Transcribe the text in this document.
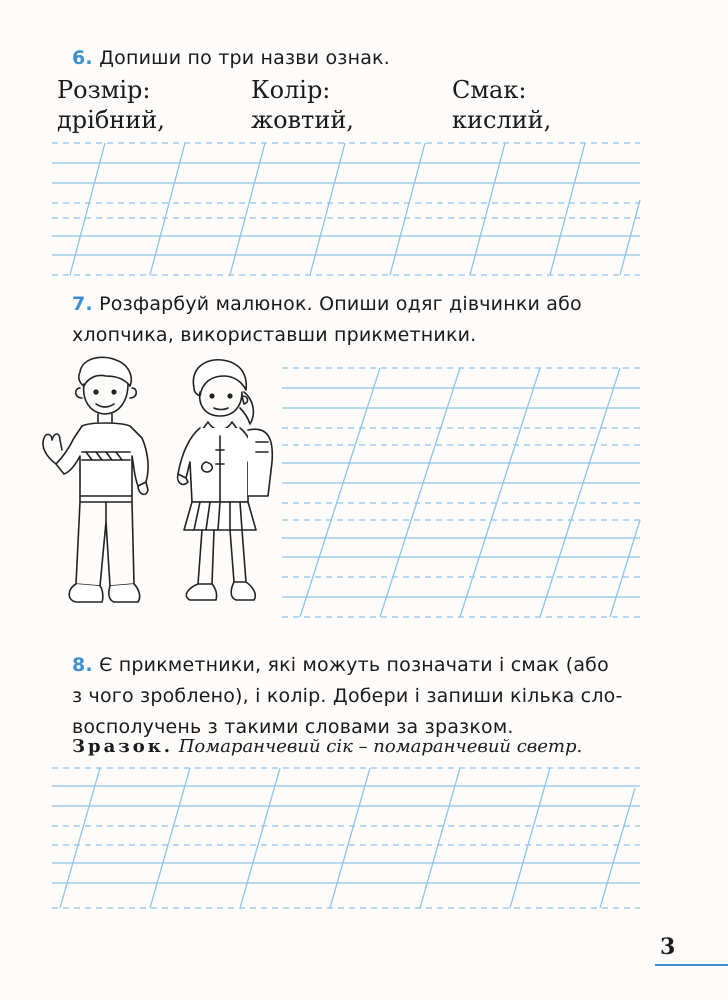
6. Допиши по три назви ознак.
Розмір:
дрібний,
Колір:
жовтий,
Смак:
кислий,
7. Розфарбуй малюнок. Опиши одяг дівчинки або
хлопчика, використавши прикметники.
8. Є прикметники, які можуть позначати і смак (або
з чого зроблено), і колір. Добери і запиши кілька сло-
восполучень з такими словами за зразком.
Зразок. Помаранчевий сік – помаранчевий светр.
3
